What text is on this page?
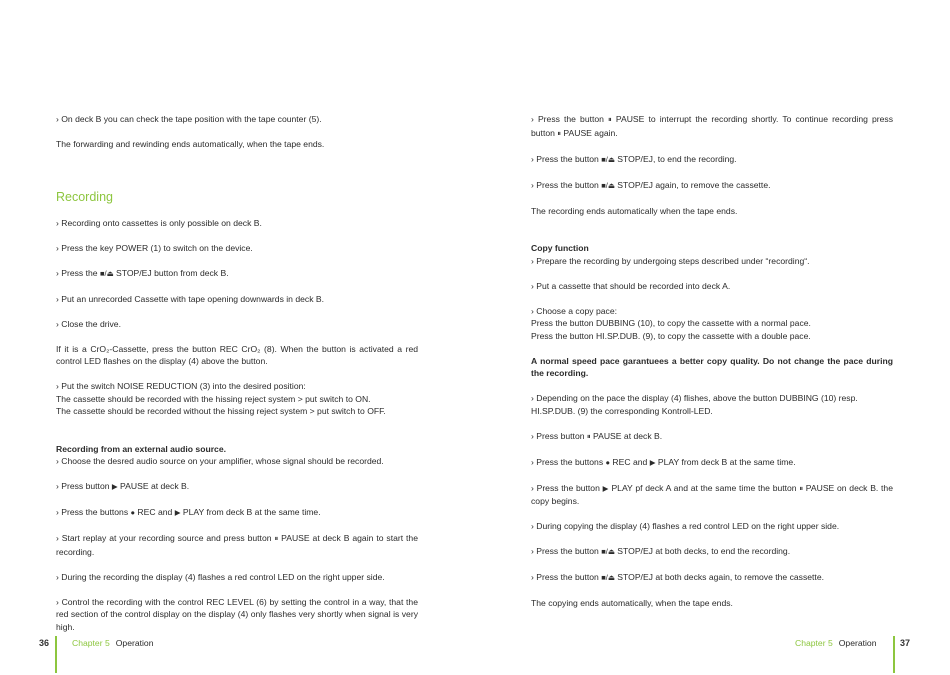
› On deck B you can check the tape position with the tape counter (5).

The forwarding and rewinding ends automatically, when the tape ends.

Recording

› Recording onto cassettes is only possible on deck B.

› Press the key POWER (1) to switch on the device.

› Press the ■/⏏ STOP/EJ button from deck B.

› Put an unrecorded Cassette with tape opening downwards in deck B.

› Close the drive.

If it is a CrO₂-Cassette, press the button REC CrO₂ (8). When the button is activated a red control LED flashes on the display (4) above the button.

› Put the switch NOISE REDUCTION (3) into the desired position:
The cassette should be recorded with the hissing reject system > put switch to ON.
The cassette should be recorded without the hissing reject system > put switch to OFF.

Recording from an external audio source.

› Choose the desred audio source on your amplifier, whose signal should be recorded.

› Press button ▶ PAUSE at deck B.

› Press the buttons ● REC and ▶ PLAY from deck B at the same time.

› Start replay at your recording source and press button ⏸ PAUSE at deck B again to start the recording.

› During the recording the display (4) flashes a red control LED on the right upper side.

› Control the recording with the control REC LEVEL (6) by setting the control in a way, that the red section of the control display on the display (4) only flashes very shortly when signal is very high.

› Press the button ⏸ PAUSE to interrupt the recording shortly. To continue recording press button ⏸ PAUSE again.

› Press the button ■/⏏ STOP/EJ, to end the recording.

› Press the button ■/⏏ STOP/EJ again, to remove the cassette.

The recording ends automatically when the tape ends.

Copy function

› Prepare the recording by undergoing steps described under “recording“.

› Put a cassette that should be recorded into deck A.

› Choose a copy pace:
Press the button DUBBING (10), to copy the cassette with a normal pace.
Press the button HI.SP.DUB. (9), to copy the cassette with a double pace.

A normal speed pace garantuees a better copy quality. Do not change the pace during the recording.

› Depending on the pace the display (4) flishes, above the button DUBBING (10) resp. HI.SP.DUB. (9) the corresponding Kontroll-LED.

› Press button ⏸ PAUSE at deck B.

› Press the buttons ● REC and ▶ PLAY from deck B at the same time.

› Press the button ▶ PLAY pf deck A and at the same time the button ⏸ PAUSE on deck B. the copy begins.

› During copying the display (4) flashes a red control LED on the right upper side.

› Press the button ■/⏏ STOP/EJ at both decks, to end the recording.

› Press the button ■/⏏ STOP/EJ at both decks again, to remove the cassette.

The copying ends automatically, when the tape ends.

36	Chapter 5 Operation	Chapter 5 Operation	37
